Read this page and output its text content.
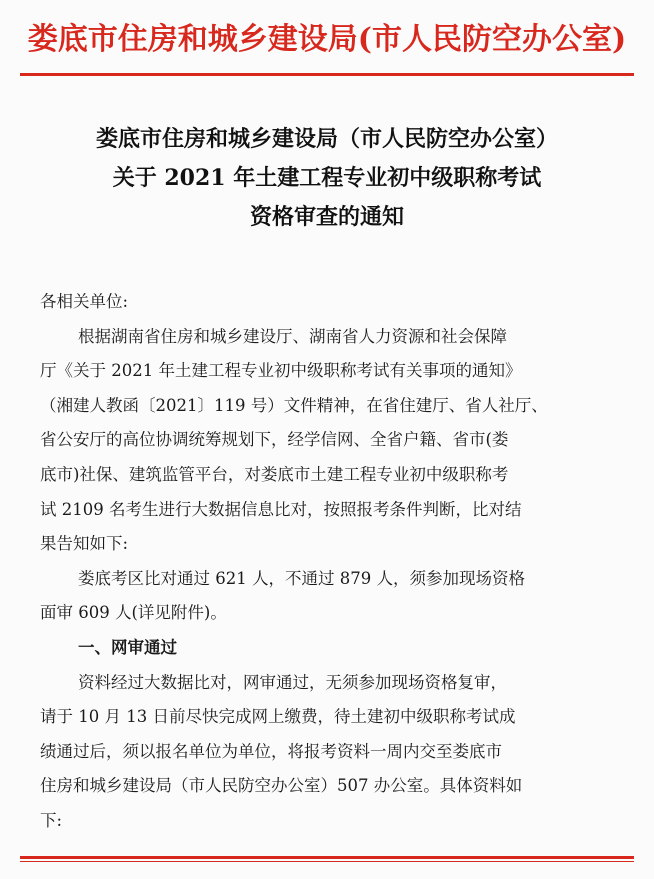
娄底市住房和城乡建设局(市人民防空办公室)
娄底市住房和城乡建设局（市人民防空办公室）
关于 2021 年土建工程专业初中级职称考试
资格审查的通知
各相关单位:
根据湖南省住房和城乡建设厅、湖南省人力资源和社会保障
厅《关于 2021 年土建工程专业初中级职称考试有关事项的通知》
（湘建人教函〔2021〕119 号）文件精神，在省住建厅、省人社厅、
省公安厅的高位协调统筹规划下，经学信网、全省户籍、省市(娄
底市)社保、建筑监管平台，对娄底市土建工程专业初中级职称考
试 2109 名考生进行大数据信息比对，按照报考条件判断，比对结
果告知如下:
娄底考区比对通过 621 人，不通过 879 人，须参加现场资格
面审 609 人(详见附件)。
一、网审通过
资料经过大数据比对，网审通过，无须参加现场资格复审，
请于 10 月 13 日前尽快完成网上缴费，待土建初中级职称考试成
绩通过后，须以报名单位为单位，将报考资料一周内交至娄底市
住房和城乡建设局（市人民防空办公室）507 办公室。具体资料如
下:
